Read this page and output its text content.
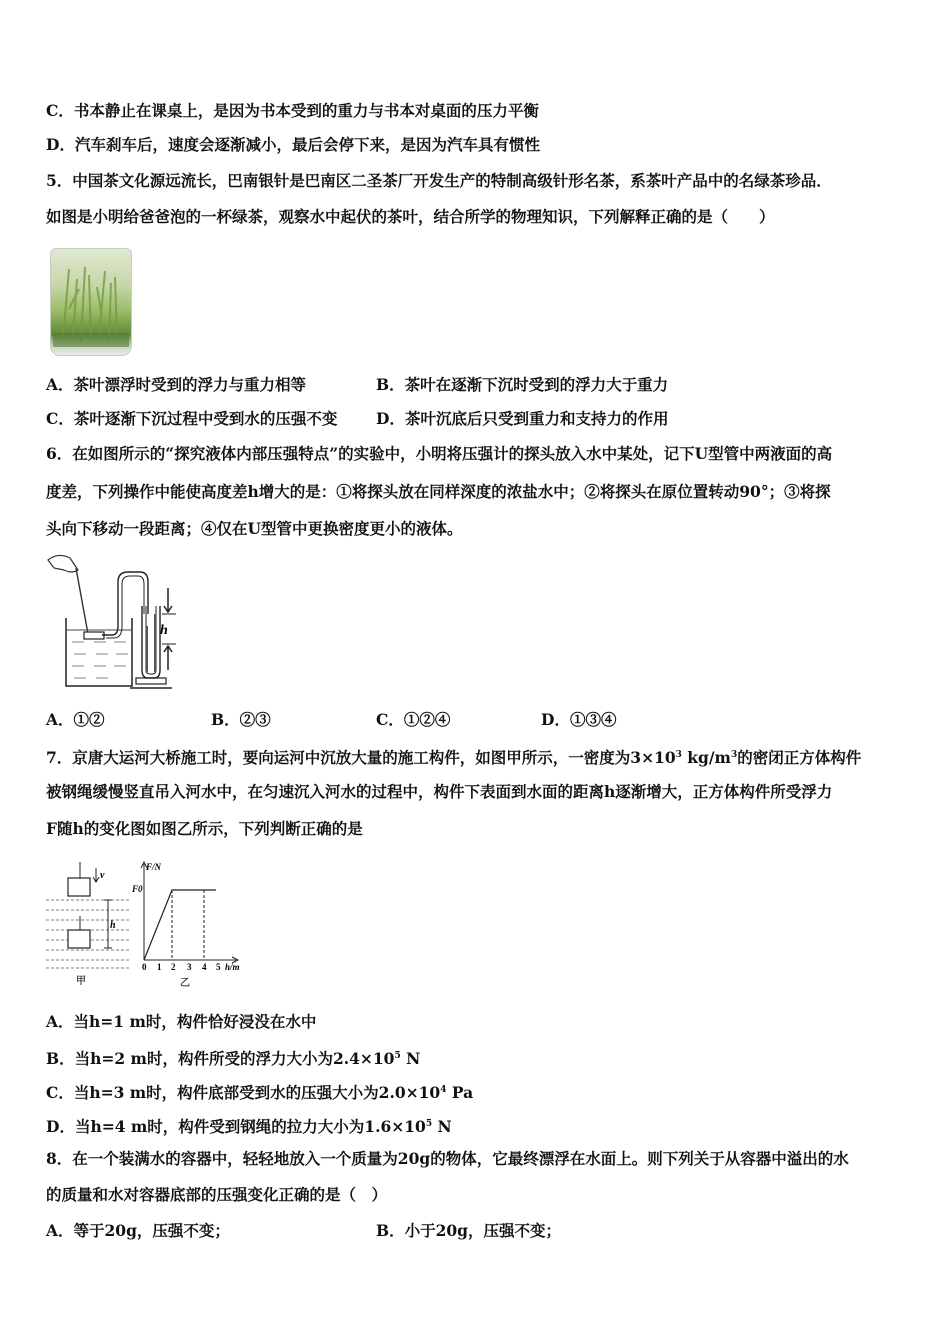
C．书本静止在课桌上，是因为书本受到的重力与书本对桌面的压力平衡
D．汽车刹车后，速度会逐渐减小，最后会停下来，是因为汽车具有惯性
5．中国茶文化源远流长，巴南银针是巴南区二圣茶厂开发生产的特制高级针形名茶，系茶叶产品中的名绿茶珍品．
如图是小明给爸爸泡的一杯绿茶，观察水中起伏的茶叶，结合所学的物理知识，下列解释正确的是（　　）
A．茶叶漂浮时受到的浮力与重力相等	B．茶叶在逐渐下沉时受到的浮力大于重力
C．茶叶逐渐下沉过程中受到水的压强不变 D．茶叶沉底后只受到重力和支持力的作用
6．在如图所示的“探究液体内部压强特点”的实验中，小明将压强计的探头放入水中某处，记下U型管中两液面的高
度差，下列操作中能使高度差h增大的是：①将探头放在同样深度的浓盐水中；②将探头在原位置转动90°；③将探
头向下移动一段距离；④仅在U型管中更换密度更小的液体。
h
A．①②	B．②③	C．①②④	D．①③④
7．京唐大运河大桥施工时，要向运河中沉放大量的施工构件，如图甲所示，一密度为$3\times 10^3$ $kg/m^3$的密闭正方体构件
被钢绳缓慢竖直吊入河水中，在匀速沉入河水的过程中，构件下表面到水面的距离h逐渐增大，正方体构件所受浮力
F随h的变化图如图乙所示，下列判断正确的是
v
h
甲
F/N
F0
0 1 2 3 4 5 h/m
乙
A．当h=1 m时，构件恰好浸没在水中
B．当h=2 m时，构件所受的浮力大小为$2.4\times 10^5$ N
C．当h=3 m时，构件底部受到水的压强大小为$2.0\times 10^4$ Pa
D．当h=4 m时，构件受到钢绳的拉力大小为$1.6\times 10^5$ N
8．在一个装满水的容器中，轻轻地放入一个质量为20g的物体，它最终漂浮在水面上。则下列关于从容器中溢出的水
的质量和水对容器底部的压强变化正确的是（　）
A．等于20g，压强不变；	B．小于20g，压强不变；
